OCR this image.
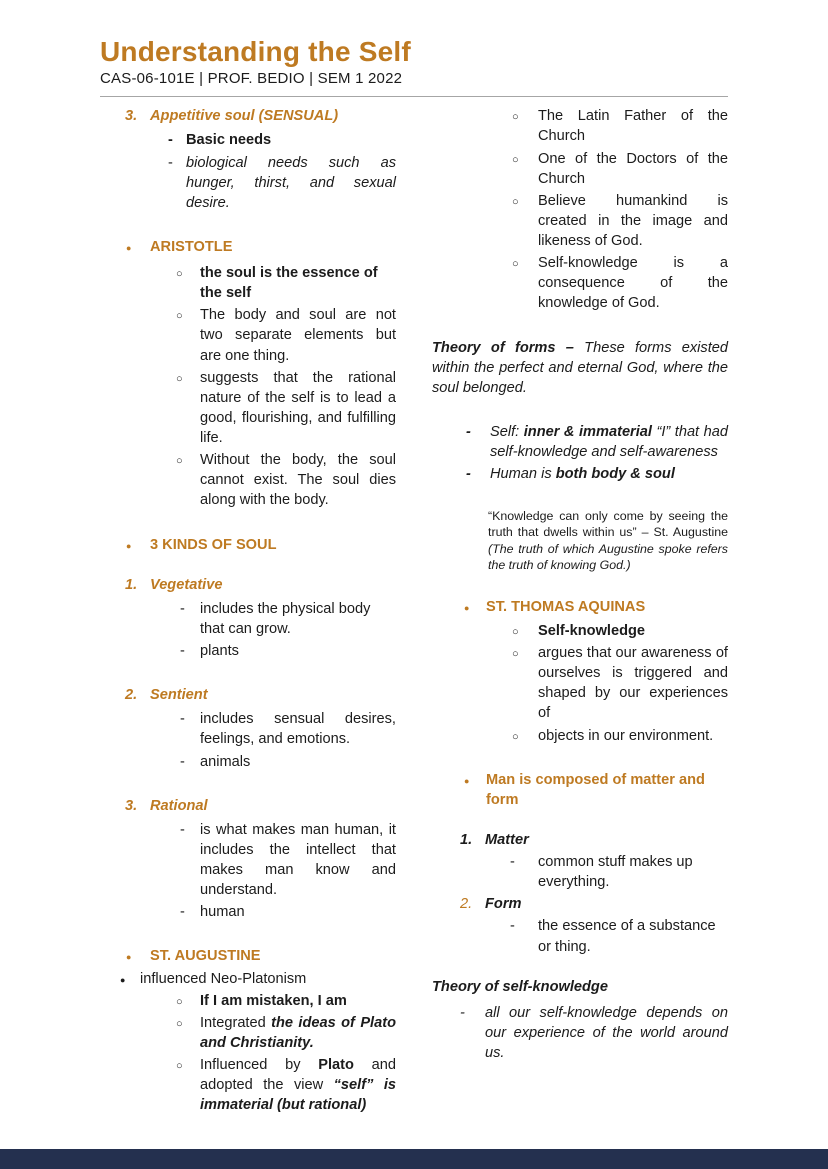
Understanding the Self
CAS-06-101E | PROF. BEDIO | SEM 1 2022
3. Appetitive soul (SENSUAL)
- Basic needs
- biological needs such as hunger, thirst, and sexual desire.
●	ARISTOTLE
○	the soul is the essence of the self
○	The body and soul are not two separate elements but are one thing.
○	suggests that the rational nature of the self is to lead a good, flourishing, and fulfilling life.
○	Without the body, the soul cannot exist. The soul dies along with the body.
●	3 KINDS OF SOUL
1. Vegetative
-	includes the physical body that can grow.
-	plants
2. Sentient
-	includes sensual desires, feelings, and emotions.
-	animals
3. Rational
-	is what makes man human, it includes the intellect that makes man know and understand.
-	human
●	ST. AUGUSTINE
● influenced Neo-Platonism
○	If I am mistaken, I am
○	Integrated the ideas of Plato and Christianity.
○	Influenced by Plato and adopted the view “self” is immaterial (but rational)
○	The Latin Father of the Church
○	One of the Doctors of the Church
○	Believe humankind is created in the image and likeness of God.
○	Self-knowledge is a consequence of the knowledge of God.

Theory of forms – These forms existed within the perfect and eternal God, where the soul belonged.

-	Self: inner & immaterial “I” that had self-knowledge and self-awareness
-	Human is both body & soul
“Knowledge can only come by seeing the truth that dwells within us” – St. Augustine (The truth of which Augustine spoke refers the truth of knowing God.)
●	ST. THOMAS AQUINAS
○	Self-knowledge
○	argues that our awareness of ourselves is triggered and shaped by our experiences of
○	objects in our environment.
●	Man is composed of matter and form
1. Matter
-	common stuff makes up everything.
2. Form
-	the essence of a substance or thing.
Theory of self-knowledge
-	all our self-knowledge depends on our experience of the world around us.
